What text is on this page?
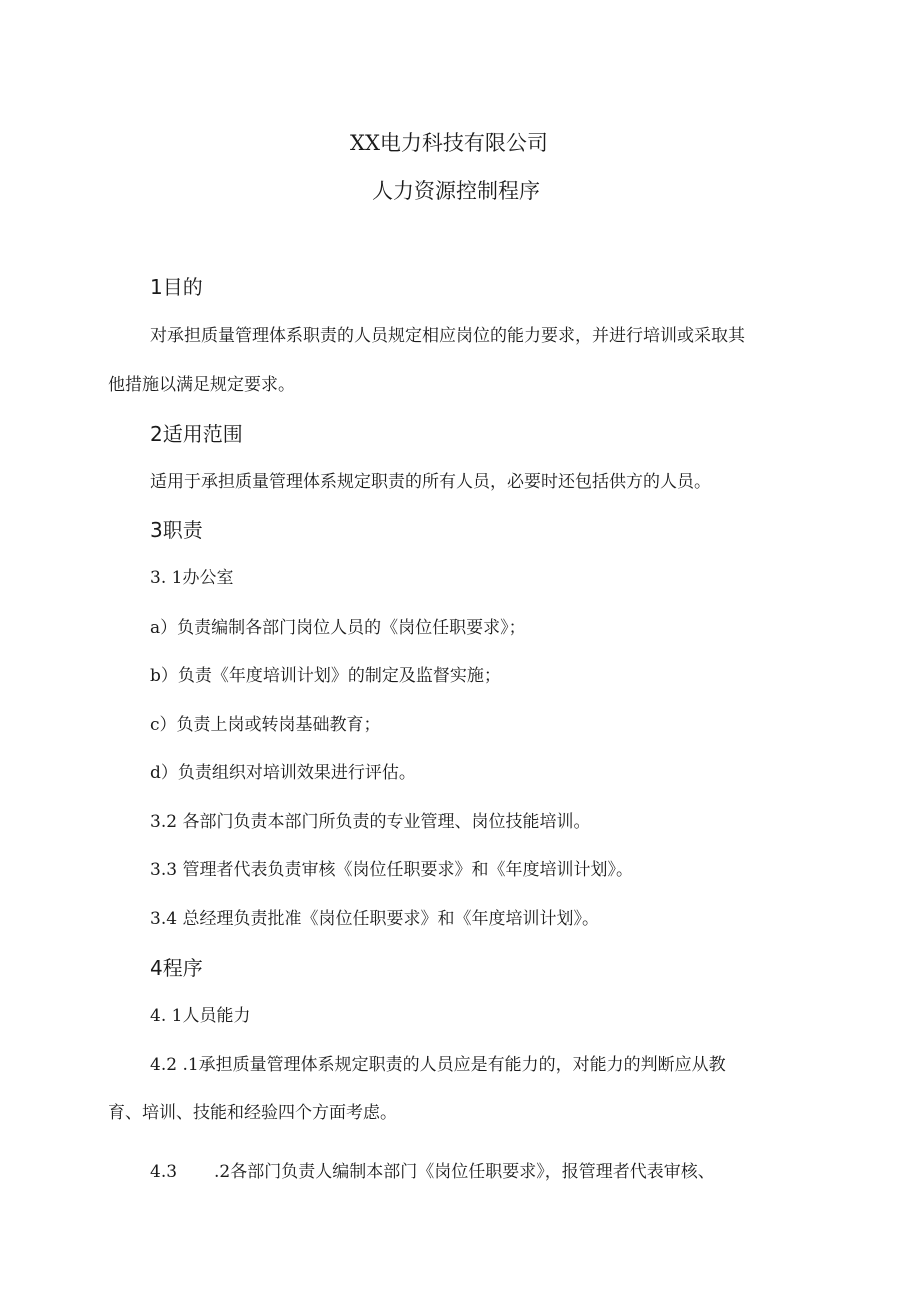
XX电力科技有限公司
人力资源控制程序
1目的
对承担质量管理体系职责的人员规定相应岗位的能力要求，并进行培训或采取其
他措施以满足规定要求。
2适用范围
适用于承担质量管理体系规定职责的所有人员，必要时还包括供方的人员。
3职责
3. 1办公室
a）负责编制各部门岗位人员的《岗位任职要求》；
b）负责《年度培训计划》的制定及监督实施；
c）负责上岗或转岗基础教育；
d）负责组织对培训效果进行评估。
3.2 各部门负责本部门所负责的专业管理、岗位技能培训。
3.3 管理者代表负责审核《岗位任职要求》和《年度培训计划》。
3.4 总经理负责批准《岗位任职要求》和《年度培训计划》。
4程序
4. 1人员能力
4.2 .1承担质量管理体系规定职责的人员应是有能力的，对能力的判断应从教
育、培训、技能和经验四个方面考虑。
4.3 .2各部门负责人编制本部门《岗位任职要求》，报管理者代表审核、
